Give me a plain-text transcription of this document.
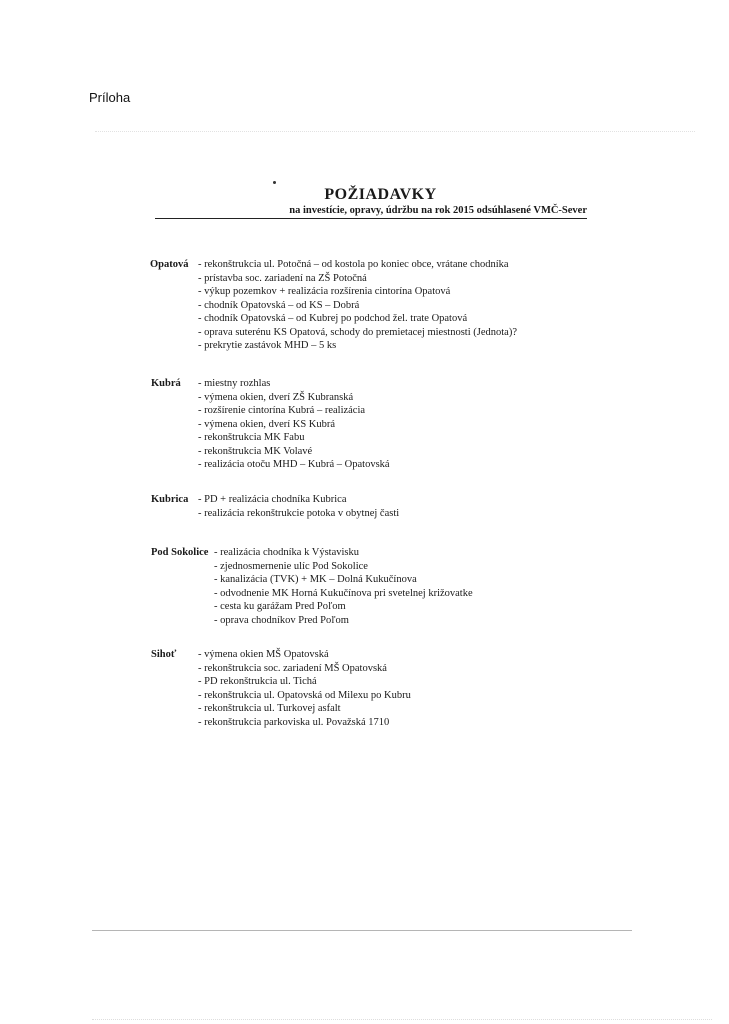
Príloha
POŽIADAVKY
na investície, opravy, údržbu na rok 2015 odsúhlasené VMČ-Sever
Opatová	- rekonštrukcia ul. Potočná – od kostola po koniec obce, vrátane chodníka
- prístavba soc. zariadení na ZŠ Potočná
- výkup pozemkov + realizácia rozšírenia cintorína Opatová
- chodník Opatovská – od KS – Dobrá
- chodník Opatovská – od Kubrej po podchod žel. trate Opatová
- oprava suterénu KS Opatová, schody do premietacej miestnosti (Jednota)?
- prekrytie zastávok MHD – 5 ks
Kubrá	- miestny rozhlas
- výmena okien, dverí ZŠ Kubranská
- rozšírenie cintorína Kubrá – realizácia
- výmena okien, dverí KS Kubrá
- rekonštrukcia MK Fabu
- rekonštrukcia MK Volavé
- realizácia otoču MHD – Kubrá – Opatovská
Kubrica	- PD + realizácia chodníka Kubrica
- realizácia rekonštrukcie potoka v obytnej časti
Pod Sokolice	- realizácia chodníka k Výstavisku
- zjednosmernenie ulíc Pod Sokolice
- kanalizácia (TVK) + MK – Dolná Kukučínova
- odvodnenie MK Horná Kukučínova pri svetelnej križovatke
- cesta ku garážam Pred Poľom
- oprava chodníkov Pred Poľom
Sihoť	- výmena okien MŠ Opatovská
- rekonštrukcia soc. zariadení MŠ Opatovská
- PD rekonštrukcia ul. Tichá
- rekonštrukcia ul. Opatovská od Milexu po Kubru
- rekonštrukcia ul. Turkovej asfalt
- rekonštrukcia parkoviska ul. Považská 1710
